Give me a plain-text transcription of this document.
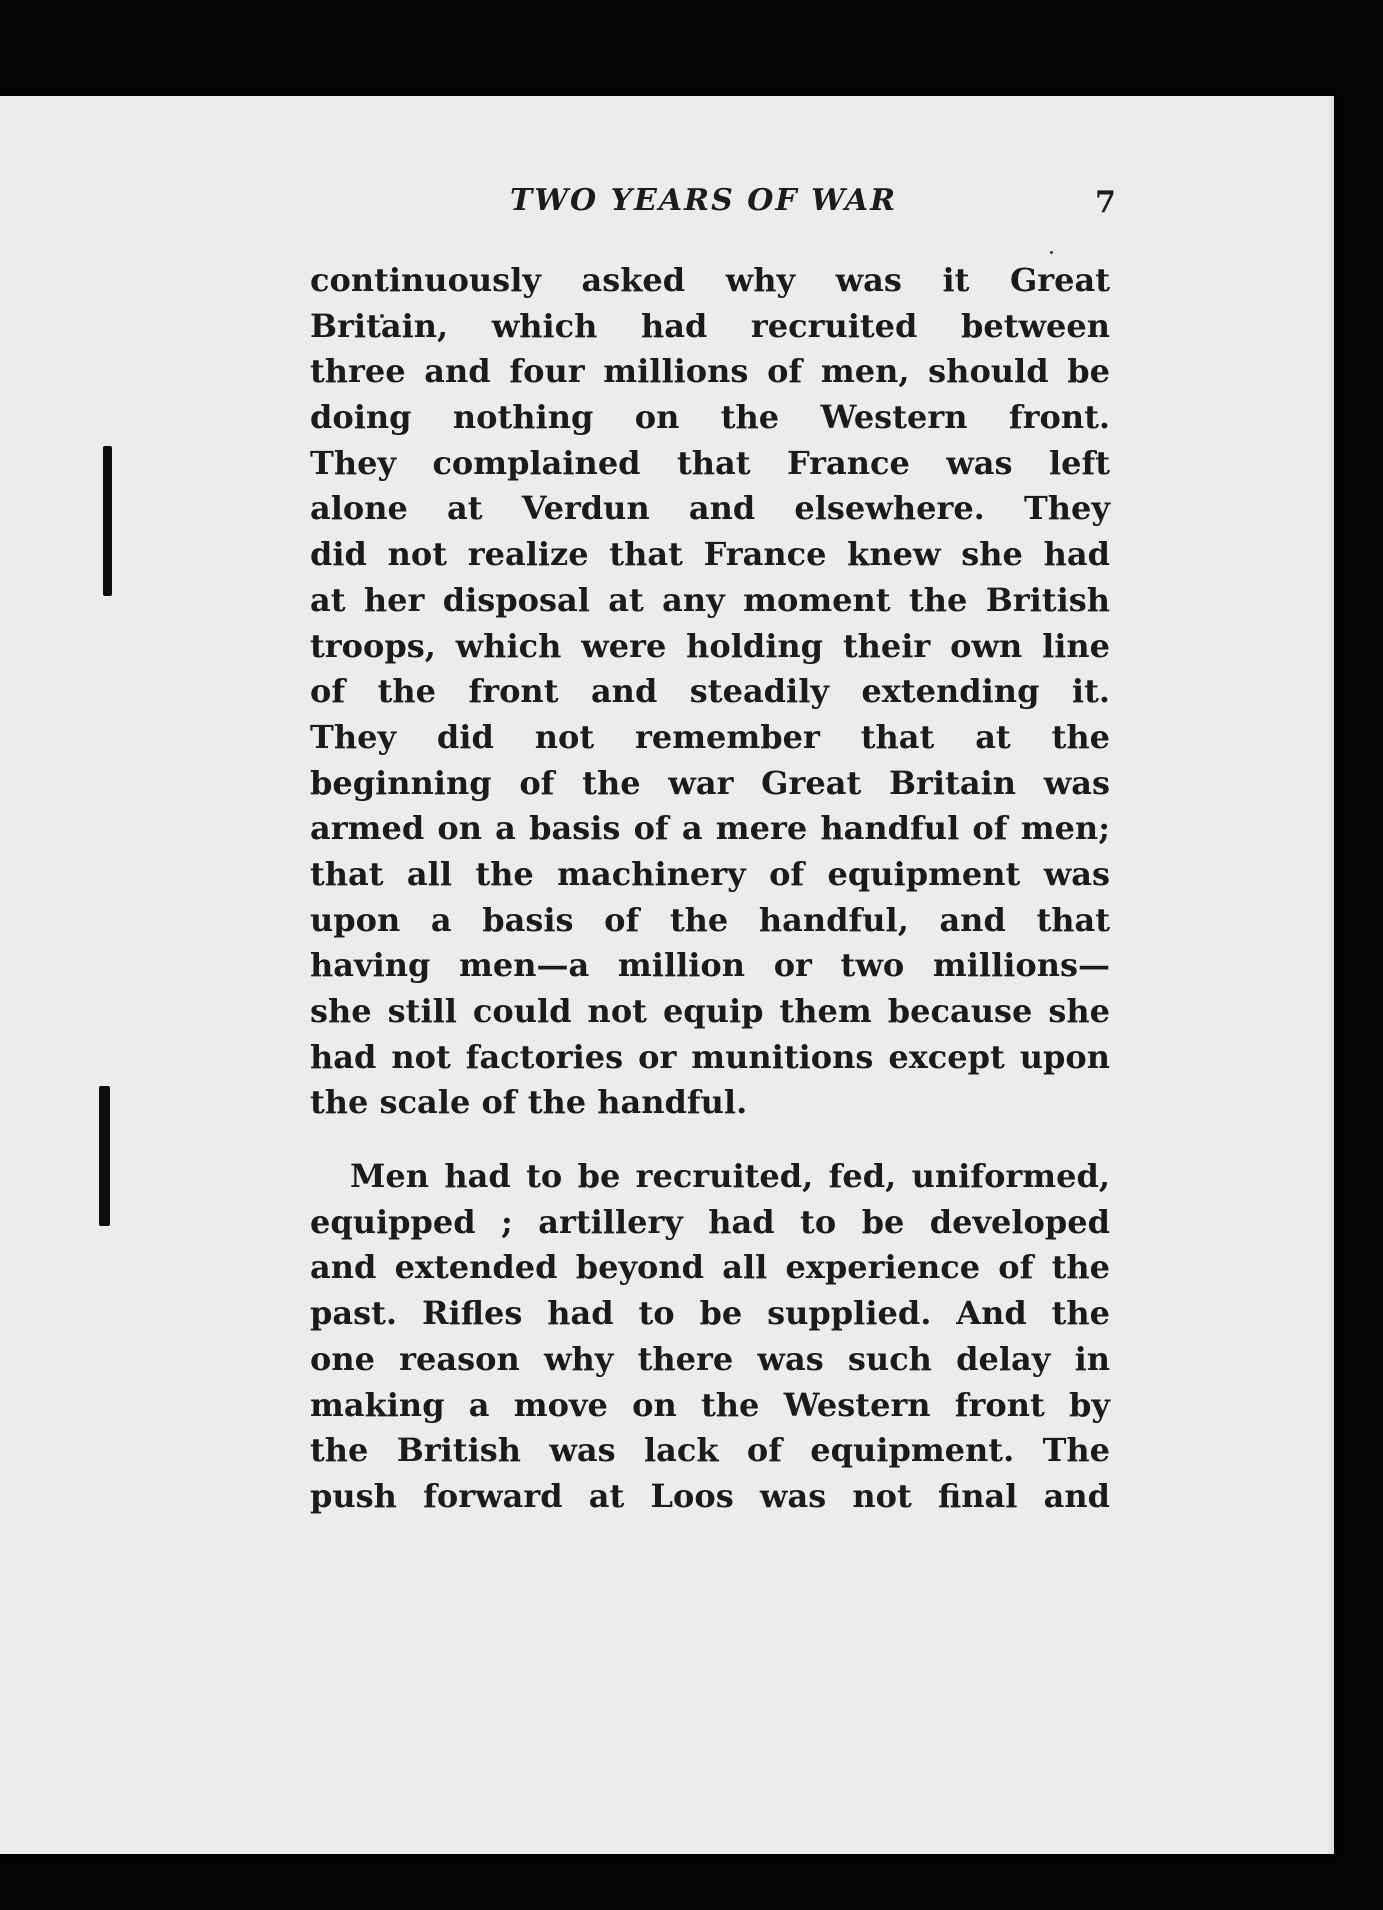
TWO YEARS OF WAR	7
continuously asked why was it Great
Britain, which had recruited between
three and four millions of men, should be
doing nothing on the Western front.
They complained that France was left
alone at Verdun and elsewhere. They
did not realize that France knew she had
at her disposal at any moment the British
troops, which were holding their own line
of the front and steadily extending it.
They did not remember that at the
beginning of the war Great Britain was
armed on a basis of a mere handful of men;
that all the machinery of equipment was
upon a basis of the handful, and that
having men—a million or two millions—
she still could not equip them because she
had not factories or munitions except upon
the scale of the handful.
Men had to be recruited, fed, uniformed,
equipped ; artillery had to be developed
and extended beyond all experience of the
past. Rifles had to be supplied. And the
one reason why there was such delay in
making a move on the Western front by
the British was lack of equipment. The
push forward at Loos was not final and
